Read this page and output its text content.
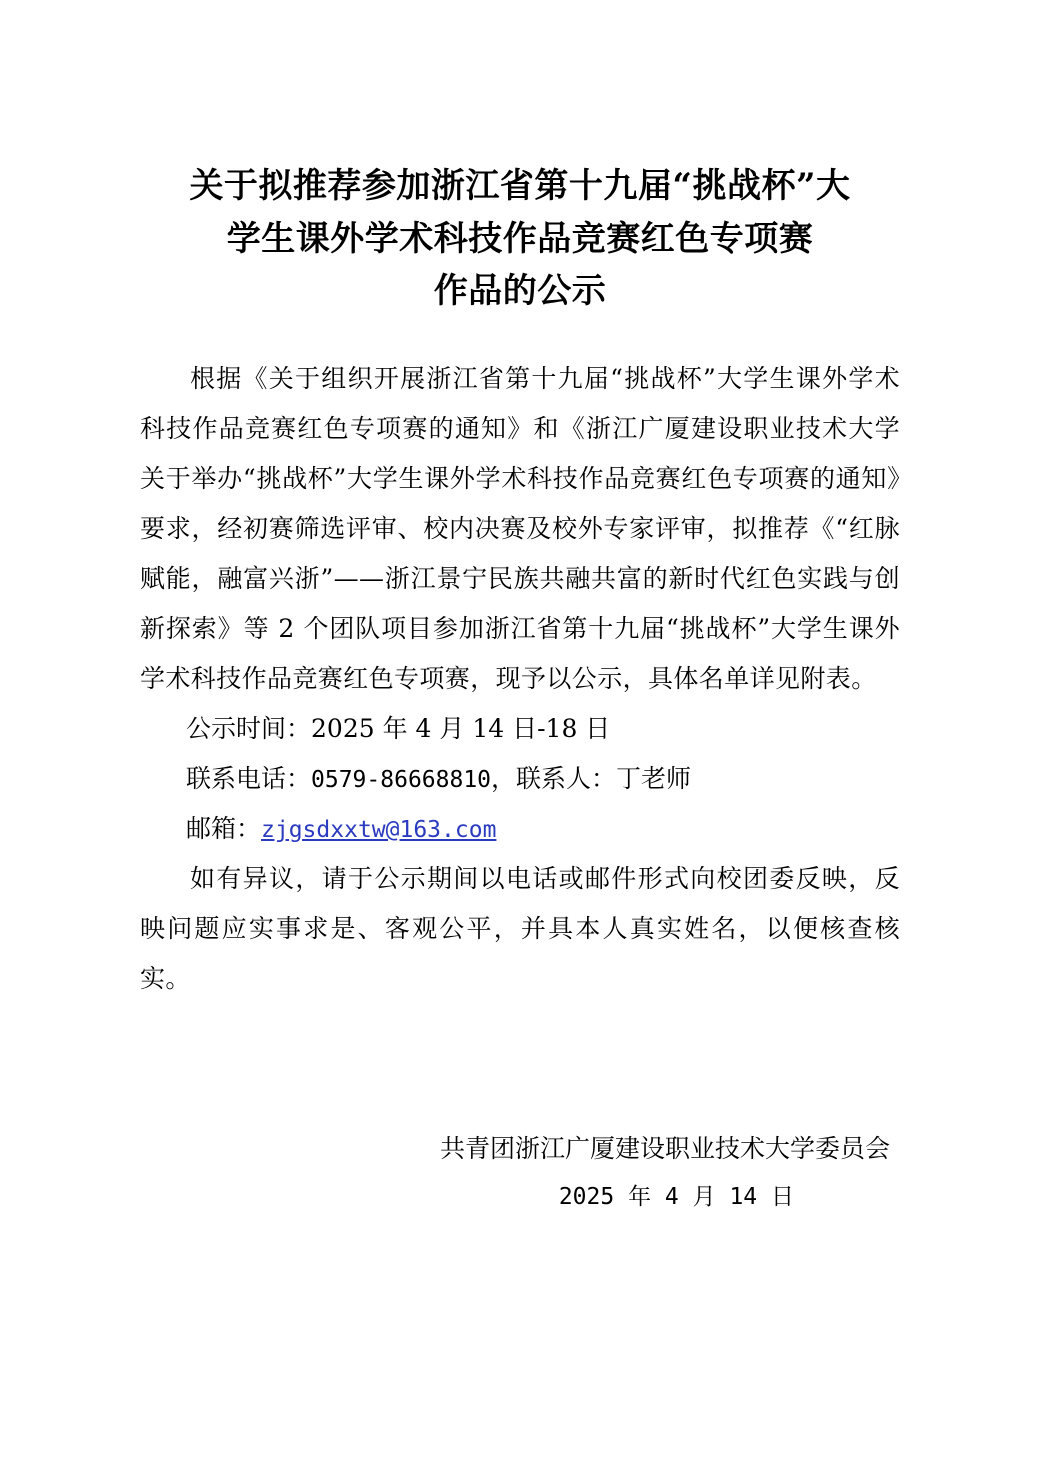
关于拟推荐参加浙江省第十九届“挑战杯”大
学生课外学术科技作品竞赛红色专项赛
作品的公示

根据《关于组织开展浙江省第十九届“挑战杯”大学生课外学术科技作品竞赛红色专项赛的通知》和《浙江广厦建设职业技术大学关于举办“挑战杯”大学生课外学术科技作品竞赛红色专项赛的通知》要求，经初赛筛选评审、校内决赛及校外专家评审，拟推荐《“红脉赋能，融富兴浙”——浙江景宁民族共融共富的新时代红色实践与创新探索》等 2 个团队项目参加浙江省第十九届“挑战杯”大学生课外学术科技作品竞赛红色专项赛，现予以公示，具体名单详见附表。

公示时间：2025 年 4 月 14 日-18 日

联系电话：0579-86668810，联系人：丁老师

邮箱：zjgsdxxtw@163.com

如有异议，请于公示期间以电话或邮件形式向校团委反映，反映问题应实事求是、客观公平，并具本人真实姓名，以便核查核实。

共青团浙江广厦建设职业技术大学委员会
2025 年 4 月 14 日
